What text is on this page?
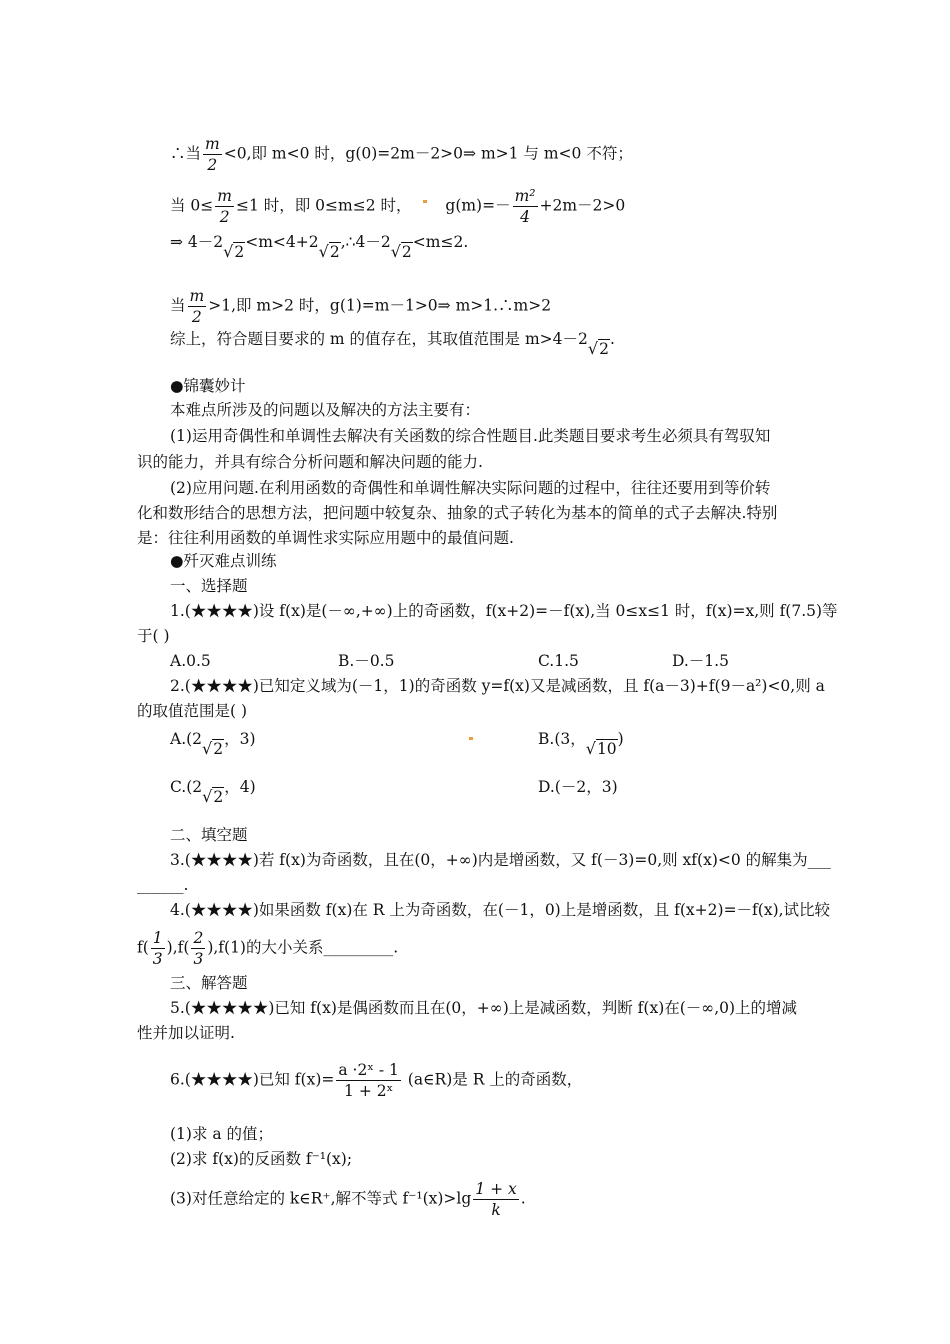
∴当 $\frac{m}{2} <0$,即 m<0 时，g(0)=2m－2>0⇒ m>1 与 m<0 不符；
当 $0\le \frac{m}{2} \le 1$ 时，即 0≤m≤2 时， $g(m)=- \frac{\text{m²}}{4} +2m-2>0$
⇒ 4－2√2<m<4+2√2,∴4－2√2<m≤2.
当 $\frac{m}{2} >1$,即 m>2 时，g(1)=m－1>0⇒ m>1.∴m>2
综上，符合题目要求的 m 的值存在，其取值范围是 m>4－2√2.
●锦囊妙计
本难点所涉及的问题以及解决的方法主要有：
(1)运用奇偶性和单调性去解决有关函数的综合性题目.此类题目要求考生必须具有驾驭知
识的能力，并具有综合分析问题和解决问题的能力.
(2)应用问题.在利用函数的奇偶性和单调性解决实际问题的过程中，往往还要用到等价转
化和数形结合的思想方法，把问题中较复杂、抽象的式子转化为基本的简单的式子去解决.特别
是：往往利用函数的单调性求实际应用题中的最值问题.
●歼灭难点训练
一、选择题
1.(★★★★)设 f(x)是(－∞,+∞)上的奇函数，f(x+2)=－f(x),当 0≤x≤1 时，f(x)=x,则 f(7.5)等
于( )
A.0.5	B.－0.5	C.1.5	D.－1.5
2.(★★★★)已知定义域为(－1，1)的奇函数 y=f(x)又是减函数，且 f(a－3)+f(9－a²)<0,则 a
的取值范围是( )
A.(2√2，3)	B.(3，√10)
C.(2√2，4)	D.(－2，3)
二、填空题
3.(★★★★)若 f(x)为奇函数，且在(0，+∞)内是增函数，又 f(－3)=0,则 xf(x)<0 的解集为___
______.
4.(★★★★)如果函数 f(x)在 R 上为奇函数，在(－1，0)上是增函数，且 f(x+2)=－f(x),试比较
$f( \frac{1}{3} ),f( \frac{2}{3} ),f(1)$的大小关系_________.
三、解答题
5.(★★★★★)已知 f(x)是偶函数而且在(0，+∞)上是减函数，判断 f(x)在(－∞,0)上的增减
性并加以证明.
6.(★★★★)已知 $f(x)= \frac{\text{a ·2ˣ - 1}}{\text{1 + 2ˣ}}$ (a∈R)是 R 上的奇函数，
(1)求 a 的值；
(2)求 f(x)的反函数 f⁻¹(x);
(3)对任意给定的 k∈R⁺,解不等式 $f^{-1}(x)>\lg \frac{1 + x}{k}$ .
